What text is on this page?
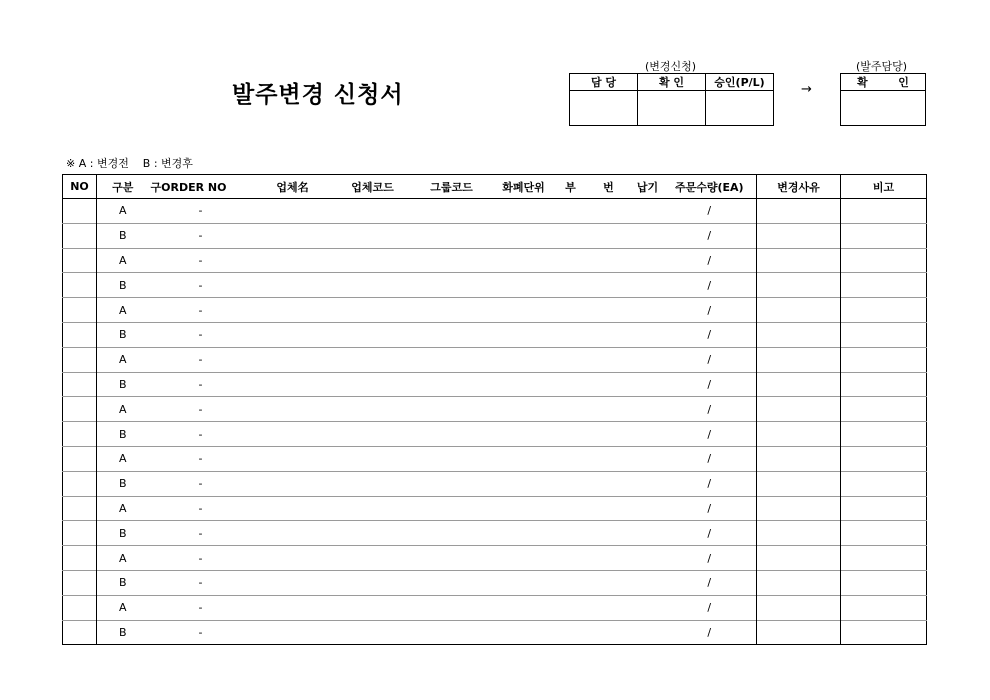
발주변경 신청서
(변경신청)
담 당	확 인	승인(P/L)
			→
(발주담당)
확        인

※ A : 변경전    B : 변경후
NO	구분	구ORDER NO	업체名	업체코드	그룹코드	화폐단위	부	번	납기	주문수량(EA)	변경사유	비고
	A	-								/		
	B	-								/		
	A	-								/		
	B	-								/		
	A	-								/		
	B	-								/		
	A	-								/		
	B	-								/		
	A	-								/		
	B	-								/		
	A	-								/		
	B	-								/		
	A	-								/		
	B	-								/		
	A	-								/		
	B	-								/		
	A	-								/		
	B	-								/		
